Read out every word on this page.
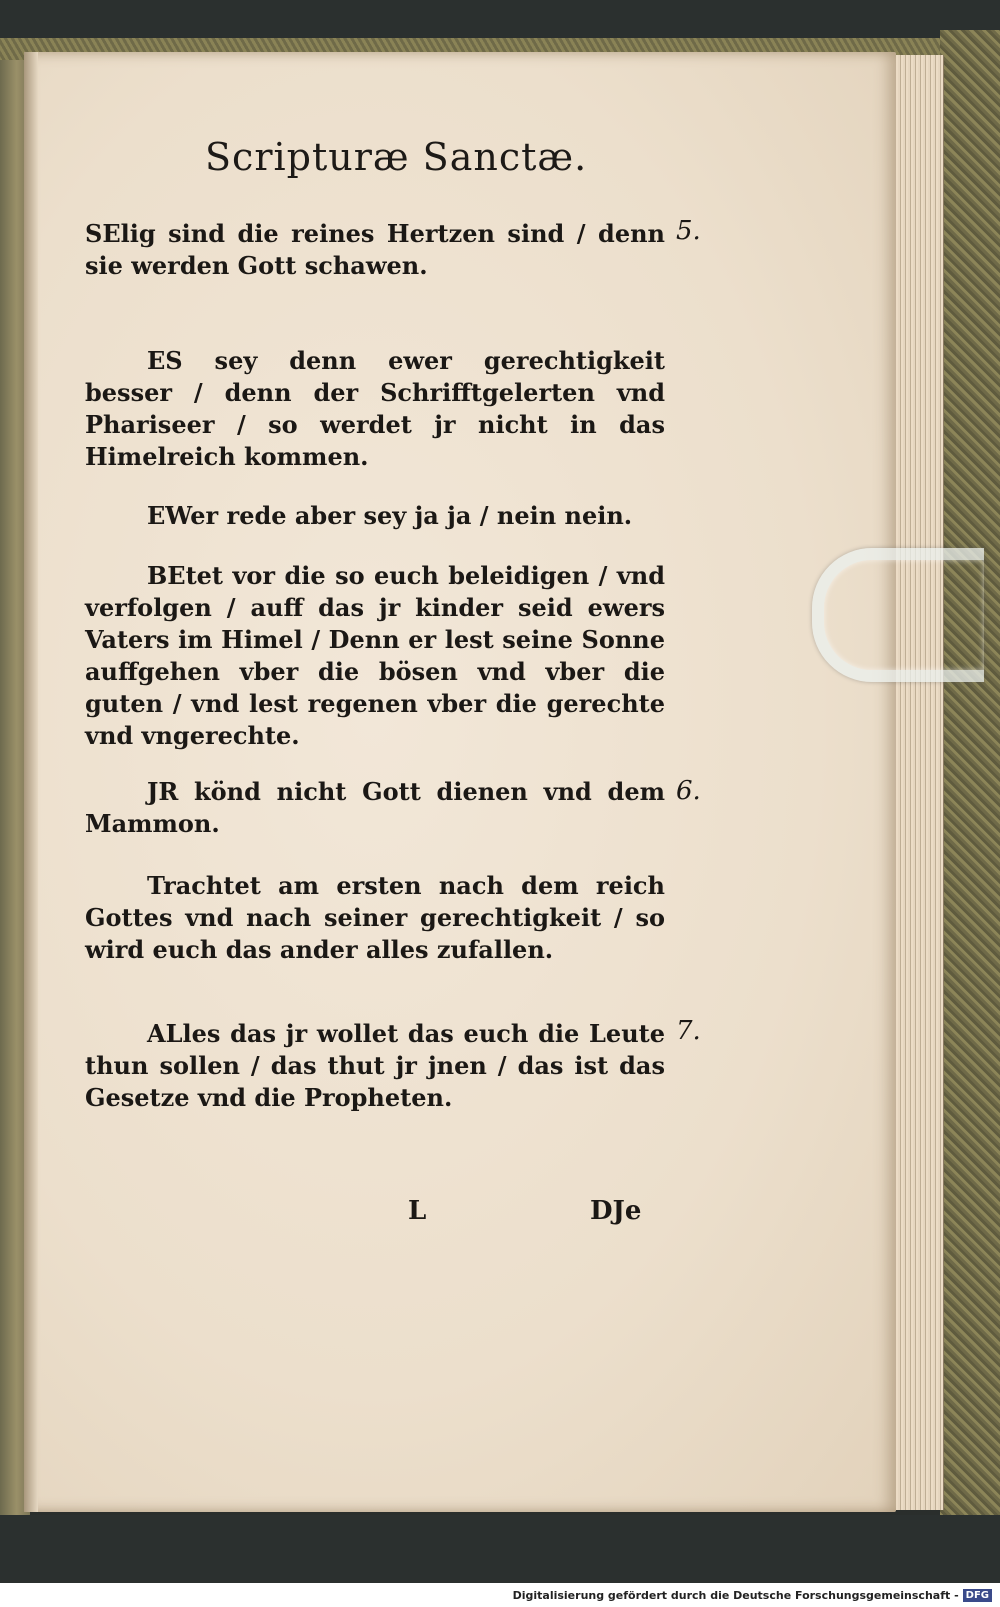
Scripturæ Sanctæ.
SElig sind die reines Hertzen sind / denn sie werden Gott schawen.
5.
ES sey denn ewer gerechtigkeit besser / denn der Schrifftgelerten vnd Phariseer / so werdet jr nicht in das Himelreich kommen.
EWer rede aber sey ja ja / nein nein.
BEtet vor die so euch beleidigen / vnd verfolgen / auff das jr kinder seid ewers Vaters im Himel / Denn er lest seine Sonne auffgehen vber die bösen vnd vber die guten / vnd lest regenen vber die gerechte vnd vngerechte.
JR könd nicht Gott dienen vnd dem Mammon.
6.
Trachtet am ersten nach dem reich Gottes vnd nach seiner gerechtigkeit / so wird euch das ander alles zufallen.
ALles das jr wollet das euch die Leute thun sollen / das thut jr jnen / das ist das Gesetze vnd die Propheten.
7.
L	DJe
Digitalisierung gefördert durch die Deutsche Forschungsgemeinschaft - DFG
